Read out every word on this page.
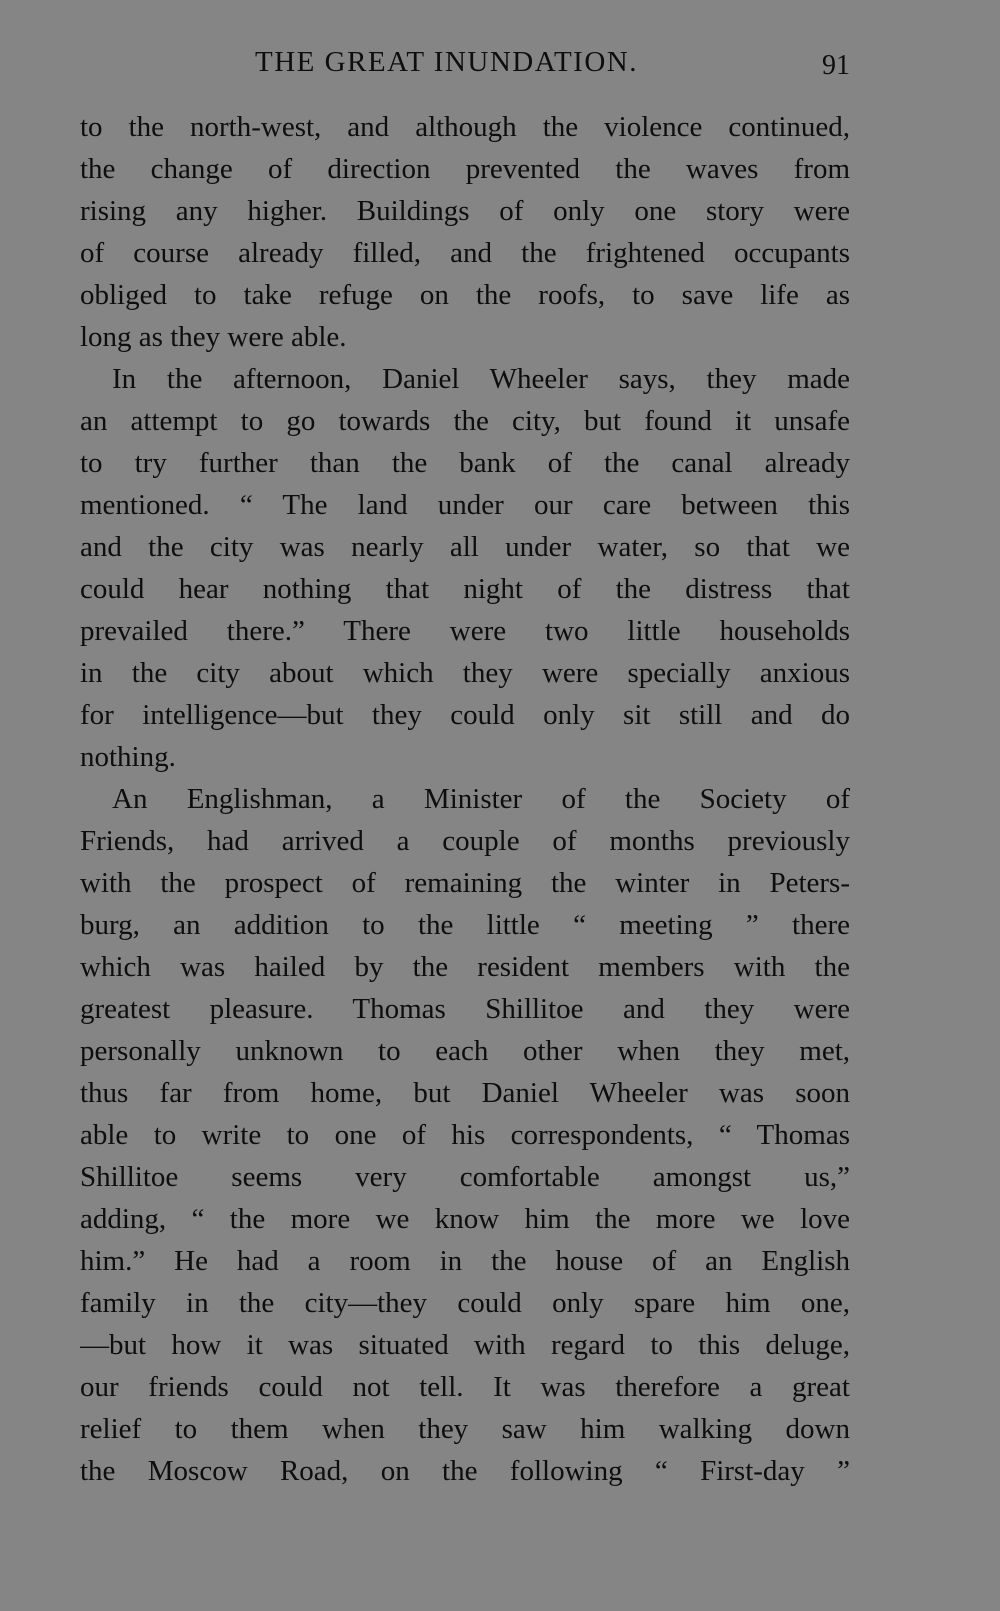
THE GREAT INUNDATION.	91
to the north-west, and although the violence continued,
the change of direction prevented the waves from
rising any higher. Buildings of only one story were
of course already filled, and the frightened occupants
obliged to take refuge on the roofs, to save life as
long as they were able.
In the afternoon, Daniel Wheeler says, they made
an attempt to go towards the city, but found it unsafe
to try further than the bank of the canal already
mentioned. “ The land under our care between this
and the city was nearly all under water, so that we
could hear nothing that night of the distress that
prevailed there.” There were two little households
in the city about which they were specially anxious
for intelligence—but they could only sit still and do
nothing.
An Englishman, a Minister of the Society of
Friends, had arrived a couple of months previously
with the prospect of remaining the winter in Peters-
burg, an addition to the little “ meeting ” there
which was hailed by the resident members with the
greatest pleasure. Thomas Shillitoe and they were
personally unknown to each other when they met,
thus far from home, but Daniel Wheeler was soon
able to write to one of his correspondents, “ Thomas
Shillitoe seems very comfortable amongst us,”
adding, “ the more we know him the more we love
him.” He had a room in the house of an English
family in the city—they could only spare him one,
—but how it was situated with regard to this deluge,
our friends could not tell. It was therefore a great
relief to them when they saw him walking down
the Moscow Road, on the following “ First-day ”
